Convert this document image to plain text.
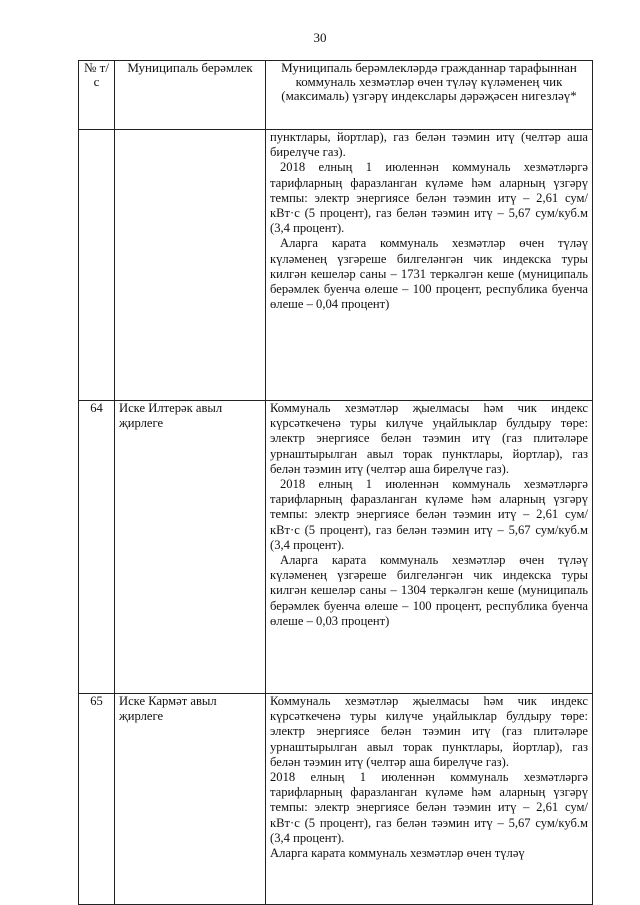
30
№ т/с	Муниципаль берәмлек	Муниципаль берәмлекләрдә гражданнар тарафыннан коммуналь хезмәтләр өчен түләү күләменең чик (максималь) үзгәрү индекслары дәрәҗәсен нигезләү*

		пунктлары, йортлар), газ белән тәэмин итү (челтәр аша бирелүче газ).
2018 елның 1 июленнән коммуналь хезмәтләргә тарифларның фаразланган күләме һәм аларның үзгәрү темпы: электр энергиясе белән тәэмин итү – 2,61 сум/кВт·с (5 процент), газ белән тәэмин итү – 5,67 сум/куб.м (3,4 процент).
Аларга карата коммуналь хезмәтләр өчен түләү күләменең үзгәреше билгеләнгән чик индекска туры килгән кешеләр саны – 1731 теркәлгән кеше (муниципаль берәмлек буенча өлеше – 100 процент, республика буенча өлеше – 0,04 процент)

64	Иске Илтерәк авыл җирлеге	Коммуналь хезмәтләр җыелмасы һәм чик индекс күрсәткеченә туры килүче уңайлыклар булдыру төре: электр энергиясе белән тәэмин итү (газ плитәләре урнаштырылган авыл торак пунктлары, йортлар), газ белән тәэмин итү (челтәр аша бирелүче газ).
2018 елның 1 июленнән коммуналь хезмәтләргә тарифларның фаразланган күләме һәм аларның үзгәрү темпы: электр энергиясе белән тәэмин итү – 2,61 сум/кВт·с (5 процент), газ белән тәэмин итү – 5,67 сум/куб.м (3,4 процент).
Аларга карата коммуналь хезмәтләр өчен түләү күләменең үзгәреше билгеләнгән чик индекска туры килгән кешеләр саны – 1304 теркәлгән кеше (муниципаль берәмлек буенча өлеше – 100 процент, республика буенча өлеше – 0,03 процент)

65	Иске Кармәт авыл җирлеге	Коммуналь хезмәтләр җыелмасы һәм чик индекс күрсәткеченә туры килүче уңайлыклар булдыру төре: электр энергиясе белән тәэмин итү (газ плитәләре урнаштырылган авыл торак пунктлары, йортлар), газ белән тәэмин итү (челтәр аша бирелүче газ).
2018 елның 1 июленнән коммуналь хезмәтләргә тарифларның фаразланган күләме һәм аларның үзгәрү темпы: электр энергиясе белән тәэмин итү – 2,61 сум/кВт·с (5 процент), газ белән тәэмин итү – 5,67 сум/куб.м (3,4 процент).
Аларга карата коммуналь хезмәтләр өчен түләү
